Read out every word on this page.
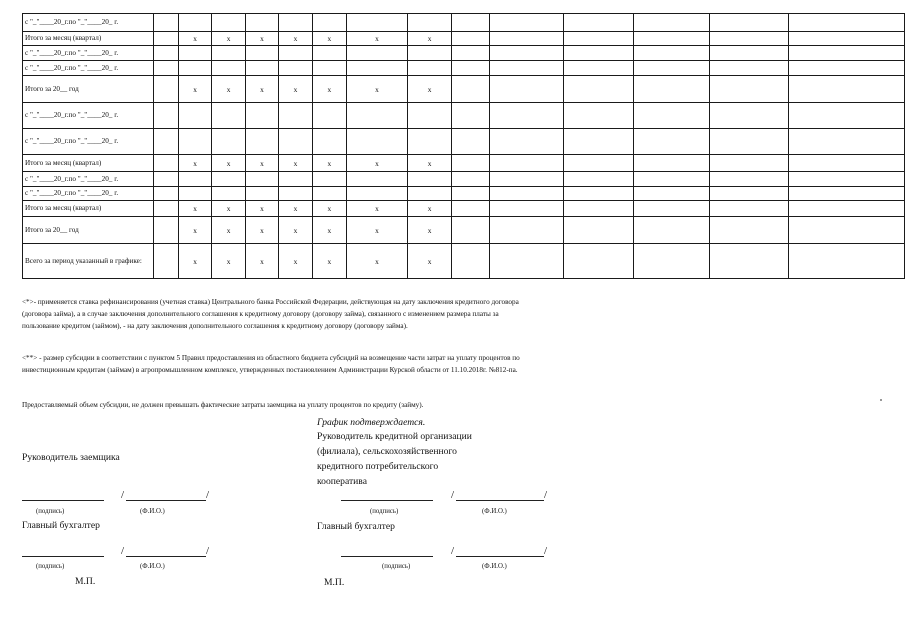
с "_"____20_г.по "_"____20_ г.														
Итого за месяц (квартал)		x	x	x	x	x	x	x						
с "_"____20_г.по "_"____20_ г.														
с "_"____20_г.по "_"____20_ г.														
Итого за 20__ год		x	x	x	x	x	x	x						
с "_"____20_г.по "_"____20_ г.														
с "_"____20_г.по "_"____20_ г.														
Итого за месяц (квартал)		x	x	x	x	x	x	x						
с "_"____20_г.по "_"____20_ г.														
с "_"____20_г.по "_"____20_ г.														
Итого за месяц (квартал)		x	x	x	x	x	x	x						
Итого за 20__ год		x	x	x	x	x	x	x						
Всего за период указанный в графике:		x	x	x	x	x	x	x						
<*>- применяется ставка рефинансирования (учетная ставка) Центрального банка Российской Федерации, действующая на дату заключения кредитного договора
(договора займа), а в случае заключения дополнительного соглашения к кредитному договору (договору займа), связанного с изменением размера платы за
пользование кредитом (займом), - на дату заключения дополнительного соглашения к кредитному договору (договору займа).
<**> - размер субсидии в соответствии с пунктом 5 Правил предоставления из областного бюджета субсидий на возмещение части затрат на уплату процентов по
инвестиционным кредитам (займам) в агропромышленном комплексе, утвержденных постановлением Администрации Курской области от 11.10.2018г. №812-па.
Предоставляемый объем субсидии, не должен превышать фактические затраты заемщика на уплату процентов по кредиту (займу).
График подтверждается.
Руководитель кредитной организации
(филиала), сельскохозяйственного
кредитного потребительского
кооператива
/	/
(подпись)	(Ф.И.О.)
Главный бухгалтер
/	/
(подпись)	(Ф.И.О.)
М.П.
Руководитель заемщика
/	/
(подпись)	(Ф.И.О.)
Главный бухгалтер
/	/
(подпись)	(Ф.И.О.)
М.П.
